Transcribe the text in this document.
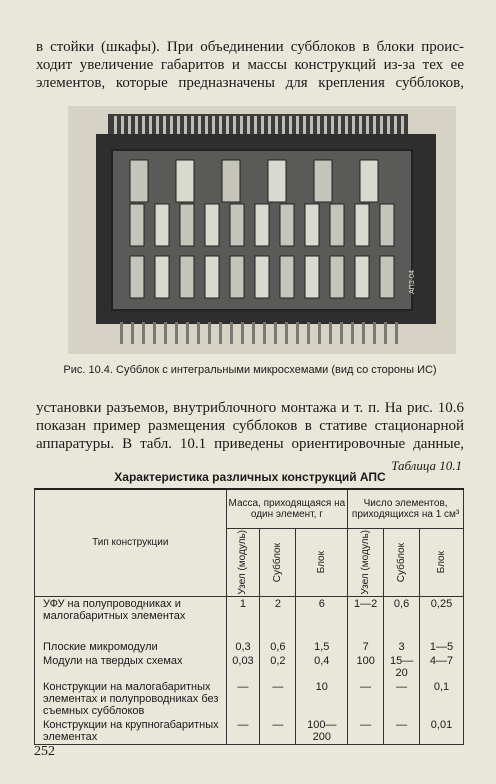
в стойки (шкафы). При объединении субблоков в блоки проис-
ходит увеличение габаритов и массы конструкций из-за тех ее
элементов, которые предназначены для крепления субблоков,
АПЗ-04
Рис. 10.4. Субблок с интегральными микросхемами (вид со стороны ИС)
установки разъемов, внутриблочного монтажа и т. п. На рис. 10.6
показан пример размещения субблоков в стативе стационарной
аппаратуры. В табл. 10.1 приведены ориентировочные данные,
Таблица 10.1
Характеристика различных конструкций АПС
Тип конструкции	Масса, приходящаяся на один элемент, г			Число элементов, приходящихся на 1 см³		

	Узел (модуль)	Субблок	Блок	Узел (модуль)	Субблок	Блок

УФУ на полупроводниках и малогабаритных элементах	1	2	6	1—2	0,6	0,25
Плоские микромодули	0,3	0,6	1,5	7	3	1—5
Модули на твердых схемах	0,03	0,2	0,4	100	15—20	4—7
Конструкции на малогабаритных элементах и полупроводниках без съемных субблоков	—	—	10	—	—	0,1
Конструкции на крупногабаритных элементах	—	—	100—200	—	—	0,01
252
